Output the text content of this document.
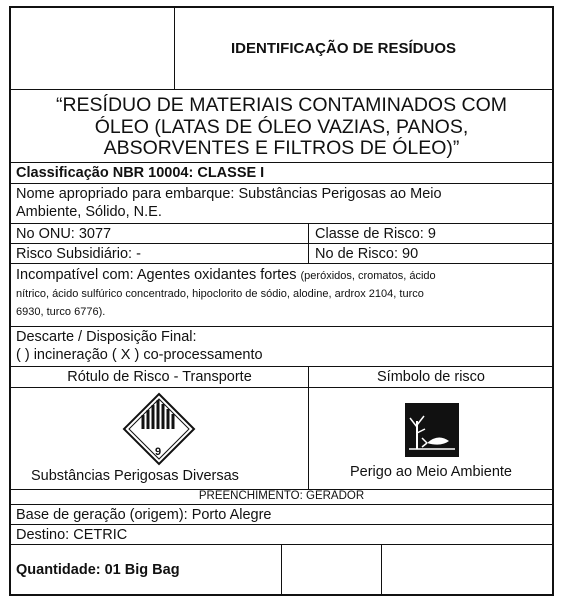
IDENTIFICAÇÃO DE RESÍDUOS
“RESÍDUO DE MATERIAIS CONTAMINADOS COM
ÓLEO (LATAS DE ÓLEO VAZIAS, PANOS,
ABSORVENTES E FILTROS DE ÓLEO)”
Classificação NBR 10004: CLASSE I
Nome apropriado para embarque: Substâncias Perigosas ao Meio
Ambiente, Sólido, N.E.
No ONU: 3077	Classe de Risco: 9
Risco Subsidiário: -	No de Risco: 90
Incompatível com: Agentes oxidantes fortes (peróxidos, cromatos, ácido
nítrico, ácido sulfúrico concentrado, hipoclorito de sódio, alodine, ardrox 2104, turco
6930, turco 6776).
Descarte / Disposição Final:
( ) incineração ( X ) co-processamento
Rótulo de Risco - Transporte	Símbolo de risco
9
Substâncias Perigosas Diversas	Perigo ao Meio Ambiente
PREENCHIMENTO: GERADOR
Base de geração (origem): Porto Alegre
Destino: CETRIC
Quantidade: 01 Big Bag
